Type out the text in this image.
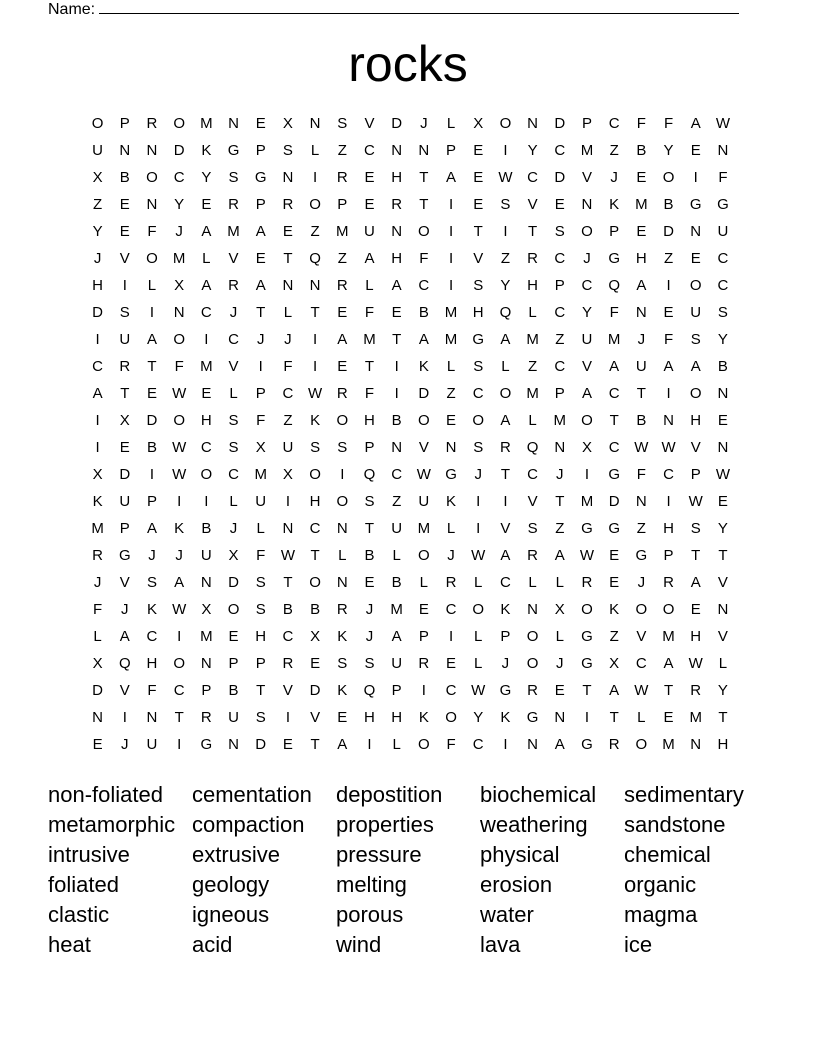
Name:
rocks
O	P	R	O	M	N	E	X	N	S	V	D	J	L	X	O	N	D	P	C	F	F	A	W
U	N	N	D	K	G	P	S	L	Z	C	N	N	P	E	I	Y	C	M	Z	B	Y	E	N
X	B	O	C	Y	S	G	N	I	R	E	H	T	A	E	W C	D	V	J	E	O	I	F
Z	E	N	Y	E	R	P	R	O	P	E	R	T	I	E	S	V	E	N	K	M	B	G	G
Y	E	F	J	A	M	A	E	Z	M	U	N	O	I	T	I	T	S	O	P	E	D	N	U
J	V	O	M	L	V	E	T	Q	Z	A	H	F	I	V	Z	R	C	J	G	H	Z	E	C
H	I	L	X	A	R	A	N	N	R	L	A	C	I	S	Y	H	P	C	Q	A	I	O	C
D	S	I	N	C	J	T	L	T	E	F	E	B	M	H	Q	L	C	Y	F	N	E	U	S
I	U	A	O	I	C	J	J	I	A	M	T	A	M	G	A	M	Z	U	M	J	F	S	Y
C	R	T	F	M	V	I	F	I	E	T	I	K	L	S	L	Z	C	V	A	U	A	A	B
A	T	E	W	E	L	P	C W R	F	I	D	Z	C	O	M	P	A	C	T	I	O	N
I	X	D	O	H	S	F	Z	K	O	H	B	O	E	O	A	L	M	O	T	B	N	H	E
I	E	B	W C	S	X	U	S	S	P	N	V	N	S	R	Q	N	X	C W W	V	N
X	D	I	W O	C	M	X	O	I	Q	C W G	J	T	C	J	I	G	F	C	P	W
K	U	P	I	I	L	U	I	H	O	S	Z	U	K	I	I	V	T	M	D	N	I	W	E
M	P	A	K	B	J	L	N	C	N	T	U	M	L	I	V	S	Z	G	G	Z	H	S	Y
R	G	J	J	U	X	F	W	T	L	B	L	O	J	W	A	R	A	W	E	G	P	T	T
J	V	S	A	N	D	S	T	O	N	E	B	L	R	L	C	L	L	R	E	J	R	A	V
F	J	K	W	X	O	S	B	B	R	J	M	E	C	O	K	N	X	O	K	O	O	E	N
L	A	C	I	M	E	H	C	X	K	J	A	P	I	L	P	O	L	G	Z	V	M	H	V
X	Q	H	O	N	P	P	R	E	S	S	U	R	E	L	J	O	J	G	X	C	A	W	L
D	V	F	C	P	B	T	V	D	K	Q	P	I	C W G	R	E	T	A	W	T	R	Y
N	I	N	T	R	U	S	I	V	E	H	H	K	O	Y	K	G	N	I	T	L	E	M	T
E	J	U	I	G	N	D	E	T	A	I	L	O	F	C	I	N	A	G	R	O	M	N	H
non-foliated	cementation	depostition	biochemical	sedimentary
metamorphic compaction	properties	weathering	sandstone
intrusive	extrusive	pressure	physical	chemical
foliated	geology	melting	erosion	organic
clastic	igneous	porous	water	magma
heat	acid	wind	lava	ice
